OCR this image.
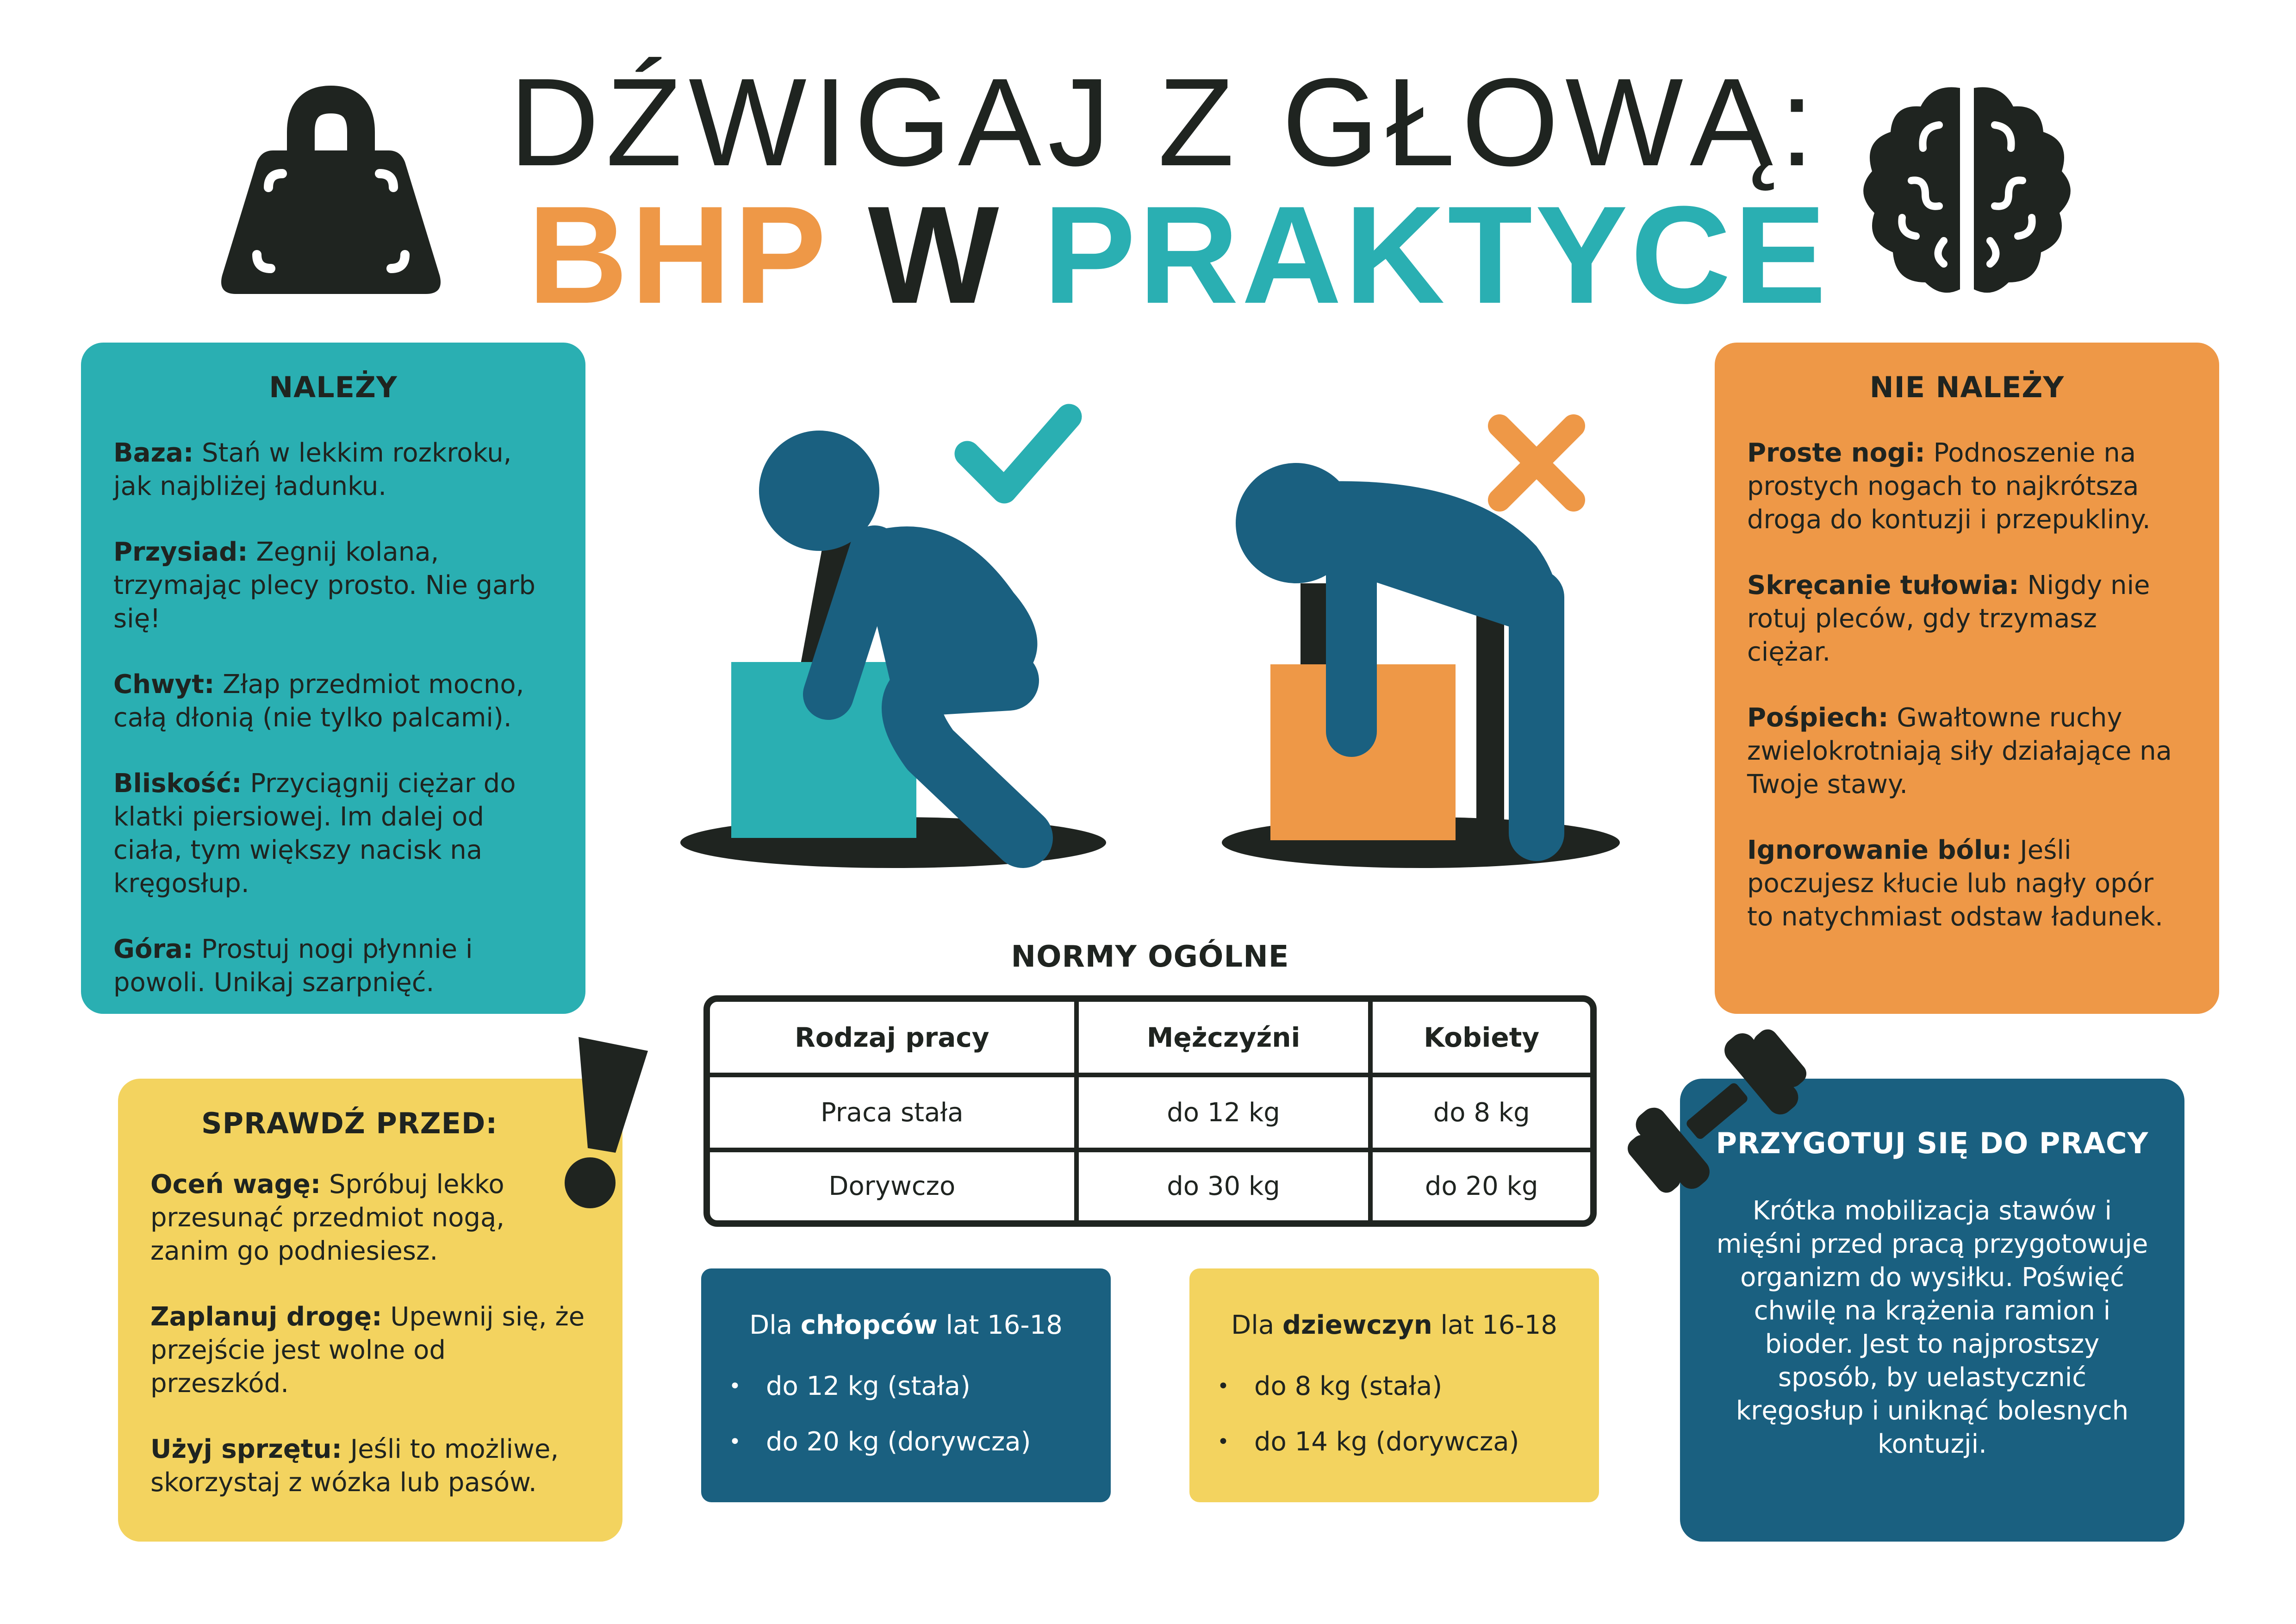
DŹWIGAJ Z GŁOWĄ:
BHP W PRAKTYCE
NALEŻY

Baza: Stań w lekkim rozkroku, jak najbliżej ładunku.

Przysiad: Zegnij kolana, trzymając plecy prosto. Nie garb się!

Chwyt: Złap przedmiot mocno, całą dłonią (nie tylko palcami).

Bliskość: Przyciągnij ciężar do klatki piersiowej. Im dalej od ciała, tym większy nacisk na kręgosłup.

Góra: Prostuj nogi płynnie i powoli. Unikaj szarpnięć.

NIE NALEŻY

Proste nogi: Podnoszenie na prostych nogach to najkrótsza droga do kontuzji i przepukliny.

Skręcanie tułowia: Nigdy nie rotuj pleców, gdy trzymasz ciężar.

Pośpiech: Gwałtowne ruchy zwielokrotniają siły działające na Twoje stawy.

Ignorowanie bólu: Jeśli poczujesz kłucie lub nagły opór to natychmiast odstaw ładunek.

NORMY OGÓLNE
Rodzaj pracy	Mężczyźni	Kobiety
Praca stała	do 12 kg	do 8 kg
Dorywczo	do 30 kg	do 20 kg
Dla chłopców lat 16-18
• do 12 kg (stała)
• do 20 kg (dorywcza)
Dla dziewczyn lat 16-18
• do 8 kg (stała)
• do 14 kg (dorywcza)
SPRAWDŹ PRZED:

Oceń wagę: Spróbuj lekko przesunąć przedmiot nogą, zanim go podniesiesz.

Zaplanuj drogę: Upewnij się, że przejście jest wolne od przeszkód.

Użyj sprzętu: Jeśli to możliwe, skorzystaj z wózka lub pasów.

PRZYGOTUJ SIĘ DO PRACY
Krótka mobilizacja stawów i mięśni przed pracą przygotowuje organizm do wysiłku. Poświęć chwilę na krążenia ramion i bioder. Jest to najprostszy sposób, by uelastycznić kręgosłup i uniknąć bolesnych kontuzji.
